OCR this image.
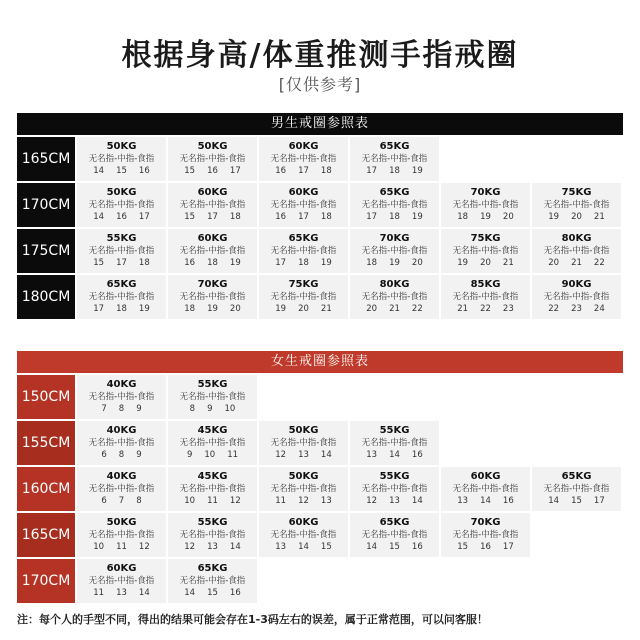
根据身高/体重推测手指戒圈
[仅供参考]
男生戒圈参照表
165CM
50KG
无名指-中指-食指
14 15 16
50KG
无名指-中指-食指
15 16 17
60KG
无名指-中指-食指
16 17 18
65KG
无名指-中指-食指
17 18 19
170CM
50KG
无名指-中指-食指
14 16 17
60KG
无名指-中指-食指
15 17 18
60KG
无名指-中指-食指
16 17 18
65KG
无名指-中指-食指
17 18 19
70KG
无名指-中指-食指
18 19 20
75KG
无名指-中指-食指
19 20 21
175CM
55KG
无名指-中指-食指
15 17 18
60KG
无名指-中指-食指
16 18 19
65KG
无名指-中指-食指
17 18 19
70KG
无名指-中指-食指
18 19 20
75KG
无名指-中指-食指
19 20 21
80KG
无名指-中指-食指
20 21 22
180CM
65KG
无名指-中指-食指
17 18 19
70KG
无名指-中指-食指
18 19 20
75KG
无名指-中指-食指
19 20 21
80KG
无名指-中指-食指
20 21 22
85KG
无名指-中指-食指
21 22 23
90KG
无名指-中指-食指
22 23 24
女生戒圈参照表
150CM
40KG
无名指-中指-食指
7 8 9
55KG
无名指-中指-食指
8 9 10
155CM
40KG
无名指-中指-食指
6 8 9
45KG
无名指-中指-食指
9 10 11
50KG
无名指-中指-食指
12 13 14
55KG
无名指-中指-食指
13 14 16
160CM
40KG
无名指-中指-食指
6 7 8
45KG
无名指-中指-食指
10 11 12
50KG
无名指-中指-食指
11 12 13
55KG
无名指-中指-食指
12 13 14
60KG
无名指-中指-食指
13 14 16
65KG
无名指-中指-食指
14 15 17
165CM
50KG
无名指-中指-食指
10 11 12
55KG
无名指-中指-食指
12 13 14
60KG
无名指-中指-食指
13 14 15
65KG
无名指-中指-食指
14 15 16
70KG
无名指-中指-食指
15 16 17
170CM
60KG
无名指-中指-食指
11 13 14
65KG
无名指-中指-食指
14 15 16
注：每个人的手型不同，得出的结果可能会存在1-3码左右的误差，属于正常范围，可以问客服！
